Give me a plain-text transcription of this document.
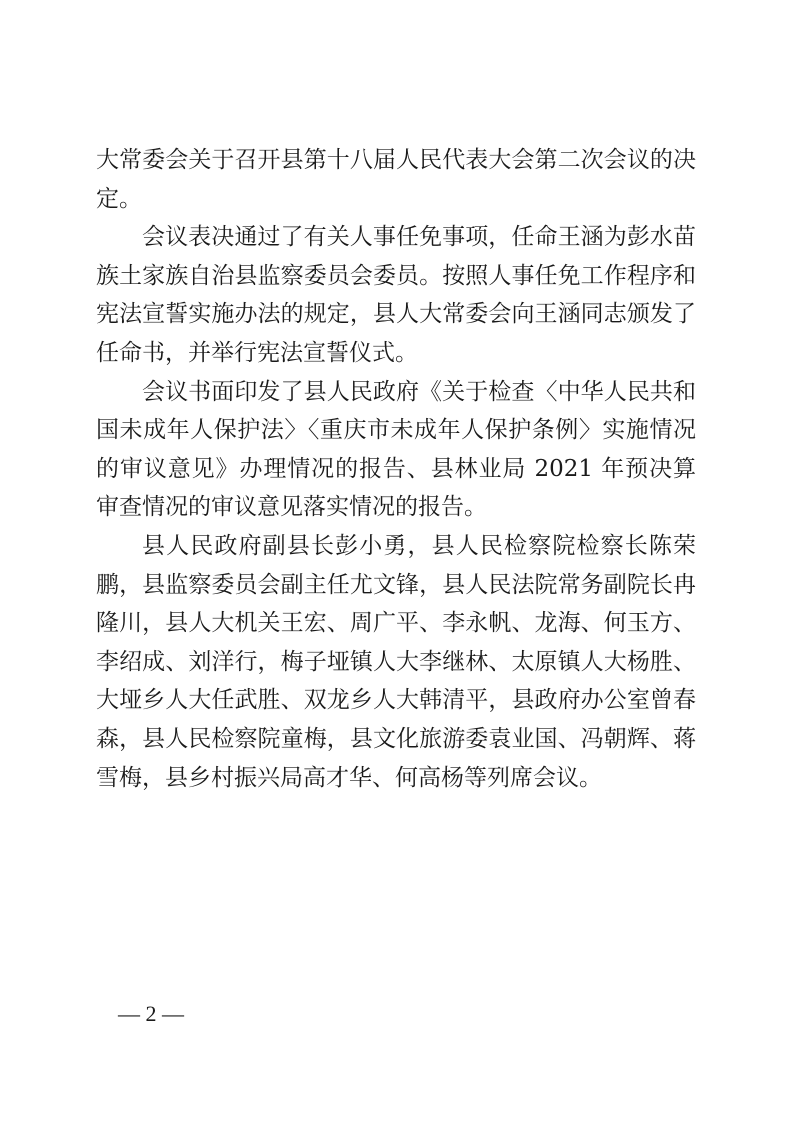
大常委会关于召开县第十八届人民代表大会第二次会议的决定。

会议表决通过了有关人事任免事项，任命王涵为彭水苗族土家族自治县监察委员会委员。按照人事任免工作程序和宪法宣誓实施办法的规定，县人大常委会向王涵同志颁发了任命书，并举行宪法宣誓仪式。

会议书面印发了县人民政府《关于检查〈中华人民共和国未成年人保护法〉〈重庆市未成年人保护条例〉实施情况的审议意见》办理情况的报告、县林业局 2021 年预决算审查情况的审议意见落实情况的报告。

县人民政府副县长彭小勇，县人民检察院检察长陈荣鹏，县监察委员会副主任尤文锋，县人民法院常务副院长冉隆川，县人大机关王宏、周广平、李永帆、龙海、何玉方、李绍成、刘洋行，梅子垭镇人大李继林、太原镇人大杨胜、大垭乡人大任武胜、双龙乡人大韩清平，县政府办公室曾春森，县人民检察院童梅，县文化旅游委袁业国、冯朝辉、蒋雪梅，县乡村振兴局高才华、何高杨等列席会议。

— 2 —
